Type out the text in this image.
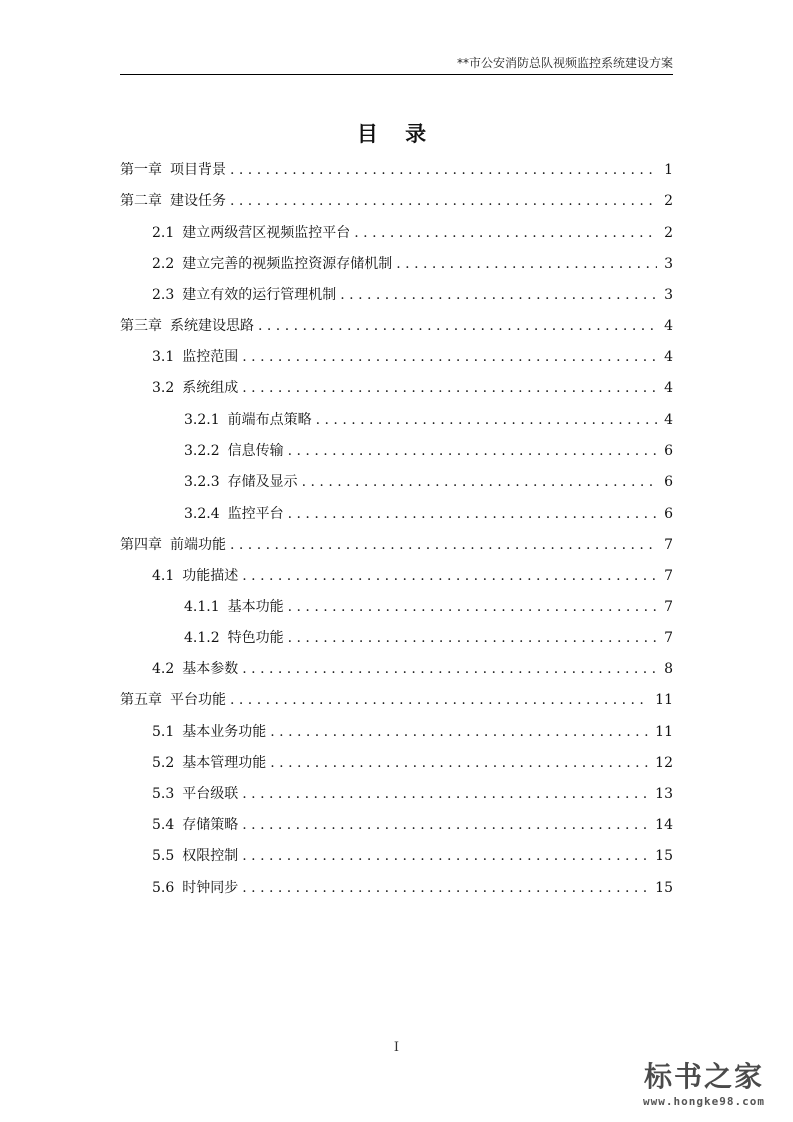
**市公安消防总队视频监控系统建设方案
目 录
第一章 项目背景 . . .	1
第二章 建设任务 . . .	2
2.1 建立两级营区视频监控平台 . . .	2
2.2 建立完善的视频监控资源存储机制 . . .	3
2.3 建立有效的运行管理机制 . . .	3
第三章 系统建设思路 . . .	4
3.1 监控范围 . . .	4
3.2 系统组成 . . .	4
3.2.1 前端布点策略 . . .	4
3.2.2 信息传输 . . .	6
3.2.3 存储及显示 . . .	6
3.2.4 监控平台 . . .	6
第四章 前端功能 . . .	7
4.1 功能描述 . . .	7
4.1.1 基本功能 . . .	7
4.1.2 特色功能 . . .	7
4.2 基本参数 . . .	8
第五章 平台功能 . . .	11
5.1 基本业务功能 . . .	11
5.2 基本管理功能 . . .	12
5.3 平台级联 . . .	13
5.4 存储策略 . . .	14
5.5 权限控制 . . .	15
5.6 时钟同步 . . .	15
I
标书之家
www.hongke98.com
